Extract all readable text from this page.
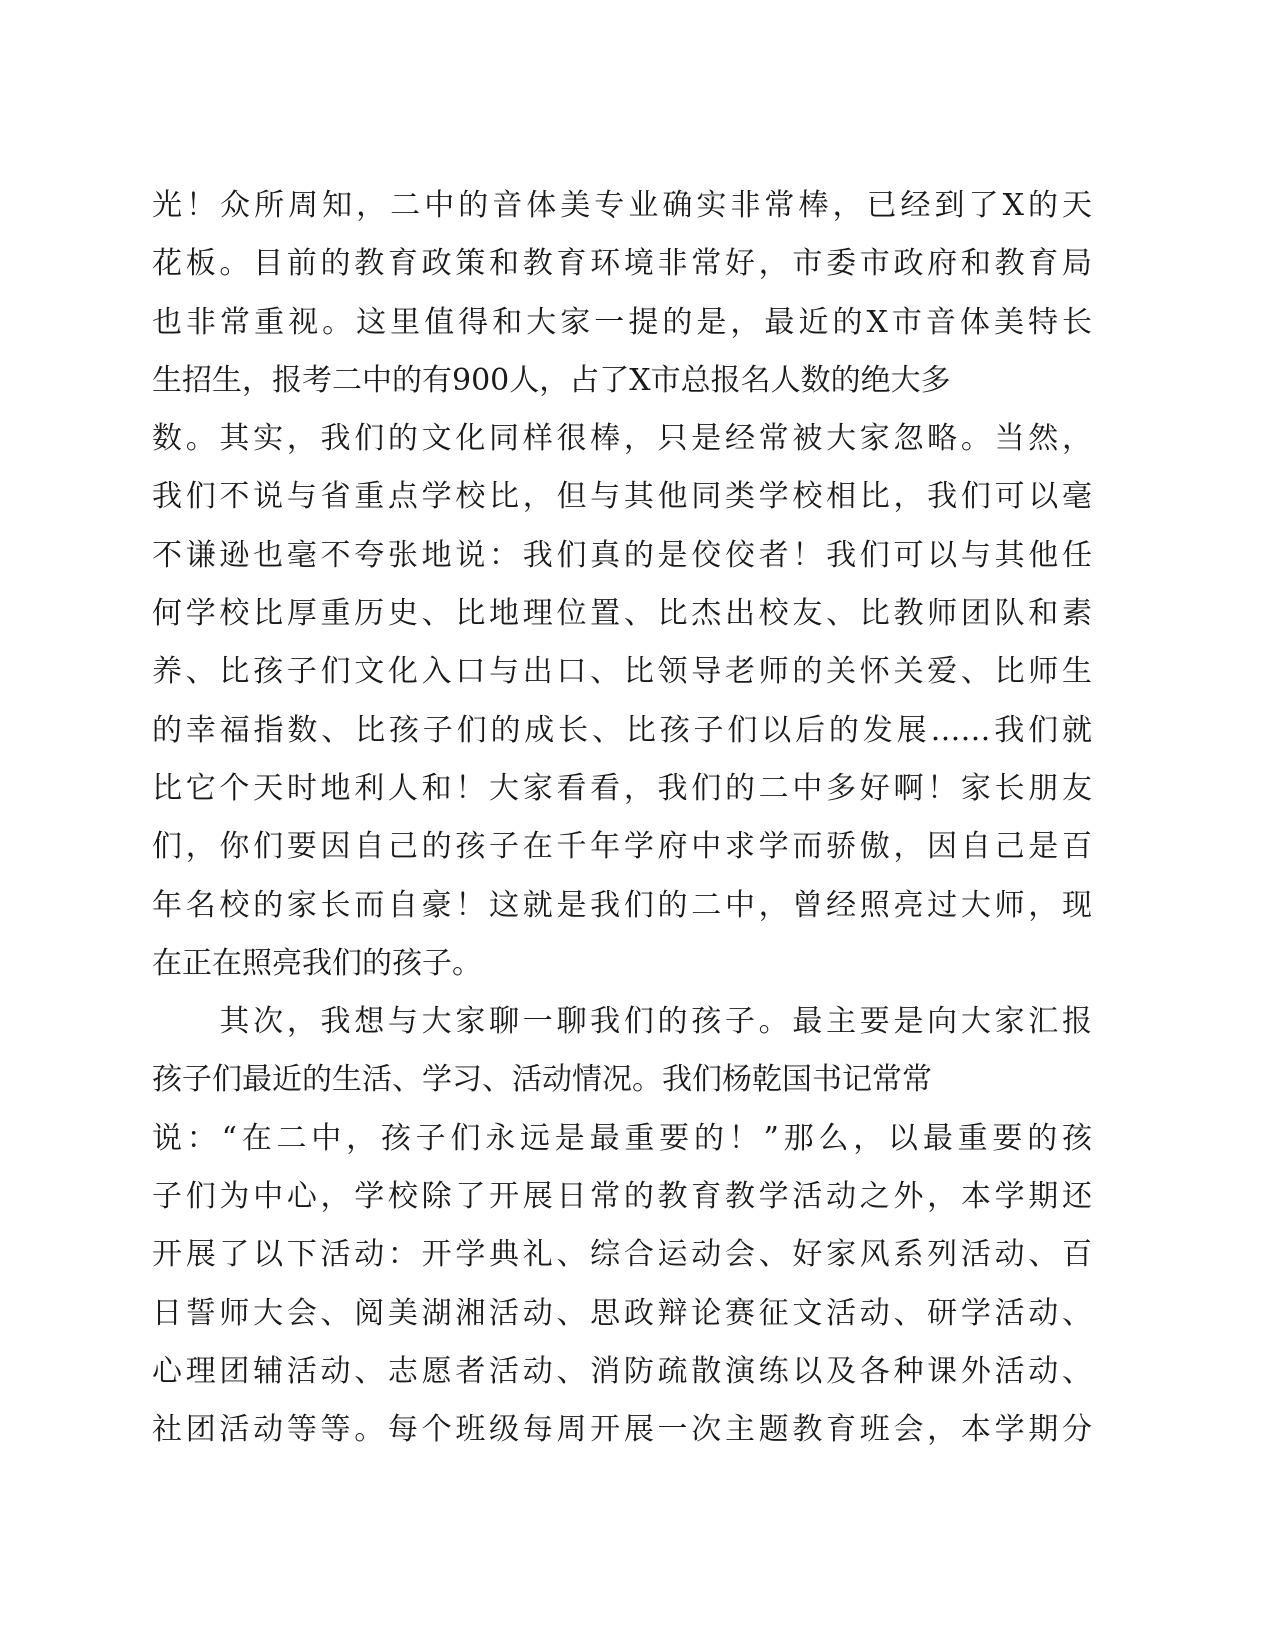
光！众所周知，二中的音体美专业确实非常棒，已经到了X的天
花板。目前的教育政策和教育环境非常好，市委市政府和教育局
也非常重视。这里值得和大家一提的是，最近的X市音体美特长
生招生，报考二中的有900人，占了X市总报名人数的绝大多
数。其实，我们的文化同样很棒，只是经常被大家忽略。当然，
我们不说与省重点学校比，但与其他同类学校相比，我们可以毫
不谦逊也毫不夸张地说：我们真的是佼佼者！我们可以与其他任
何学校比厚重历史、比地理位置、比杰出校友、比教师团队和素
养、比孩子们文化入口与出口、比领导老师的关怀关爱、比师生
的幸福指数、比孩子们的成长、比孩子们以后的发展……我们就
比它个天时地利人和！大家看看，我们的二中多好啊！家长朋友
们，你们要因自己的孩子在千年学府中求学而骄傲，因自己是百
年名校的家长而自豪！这就是我们的二中，曾经照亮过大师，现
在正在照亮我们的孩子。
　　其次，我想与大家聊一聊我们的孩子。最主要是向大家汇报
孩子们最近的生活、学习、活动情况。我们杨乾国书记常常
说：“在二中，孩子们永远是最重要的！”那么，以最重要的孩
子们为中心，学校除了开展日常的教育教学活动之外，本学期还
开展了以下活动：开学典礼、综合运动会、好家风系列活动、百
日誓师大会、阅美湖湘活动、思政辩论赛征文活动、研学活动、
心理团辅活动、志愿者活动、消防疏散演练以及各种课外活动、
社团活动等等。每个班级每周开展一次主题教育班会，本学期分
